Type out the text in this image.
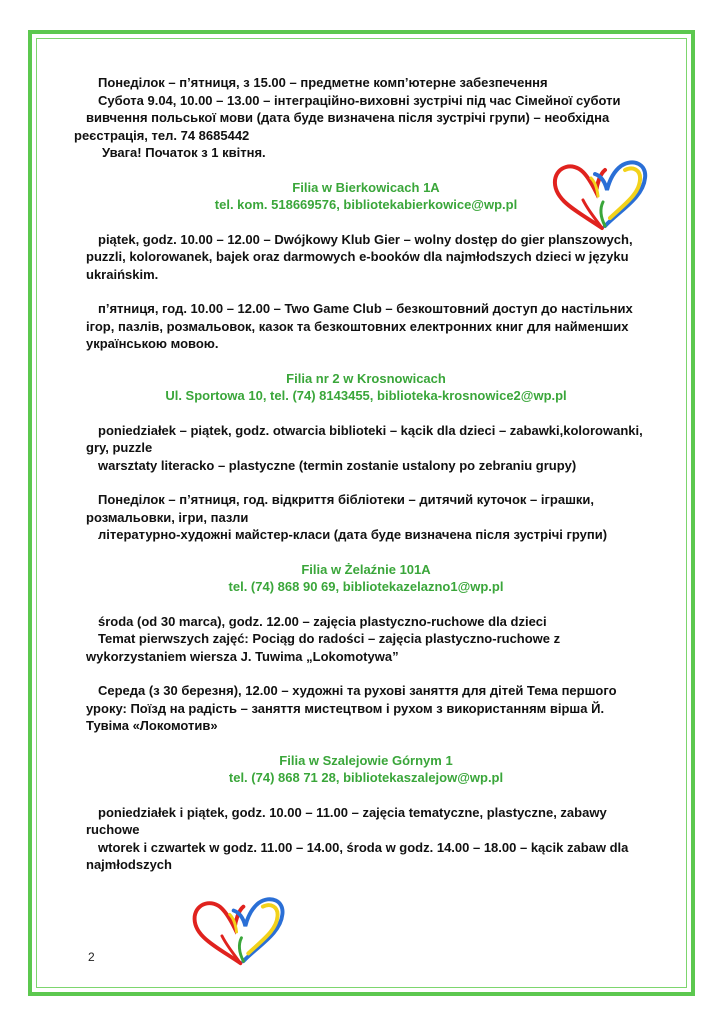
Понеділок – п’ятниця, з 15.00 – предметне комп’ютерне забезпечення

Субота 9.04, 10.00 – 13.00 – інтеграційно-виховні зустрічі під час Сімейної суботи

вивчення польської мови (дата буде визначена після зустрічі групи) – необхідна реєстрація, тел. 74 8685442

Увага! Початок з 1 квітня.

Filia w Bierkowicach 1A

tel. kom. 518669576, bibliotekabierkowice@wp.pl

piątek, godz. 10.00 – 12.00 – Dwójkowy Klub Gier – wolny dostęp do gier planszowych, puzzli, kolorowanek, bajek oraz darmowych e-booków dla najmłodszych dzieci w języku ukraińskim.

п’ятниця, год. 10.00 – 12.00 – Two Game Club – безкоштовний доступ до настільних ігор, пазлів, розмальовок, казок та безкоштовних електронних книг для найменших українською мовою.

Filia nr 2 w Krosnowicach

Ul. Sportowa 10, tel. (74) 8143455, biblioteka-krosnowice2@wp.pl

poniedziałek – piątek, godz. otwarcia biblioteki – kącik dla dzieci – zabawki,kolorowanki, gry, puzzle

warsztaty literacko – plastyczne (termin zostanie ustalony po zebraniu grupy)

Понеділок – п’ятниця, год. відкриття бібліотеки – дитячий куточок – іграшки, розмальовки, ігри, пазли

літературно-художні майстер-класи (дата буде визначена після зустрічі групи)

Filia w Żelaźnie 101A

tel. (74) 868 90 69, bibliotekazelazno1@wp.pl

środa (od 30 marca), godz. 12.00 – zajęcia plastyczno-ruchowe dla dzieci

Temat pierwszych zajęć: Pociąg do radości – zajęcia plastyczno-ruchowe z wykorzystaniem wiersza J. Tuwima „Lokomotywa”

Середа (з 30 березня), 12.00 – художні та рухові заняття для дітей Тема першого уроку: Поїзд на радість – заняття мистецтвом і рухом з використанням вірша Й. Тувіма «Локомотив»

Filia w Szalejowie Górnym 1

tel. (74) 868 71 28, bibliotekaszalejow@wp.pl

poniedziałek i piątek, godz. 10.00 – 11.00 – zajęcia tematyczne, plastyczne, zabawy ruchowe

wtorek i czwartek w godz. 11.00 – 14.00, środa w godz. 14.00 – 18.00 – kącik zabaw dla najmłodszych

2
